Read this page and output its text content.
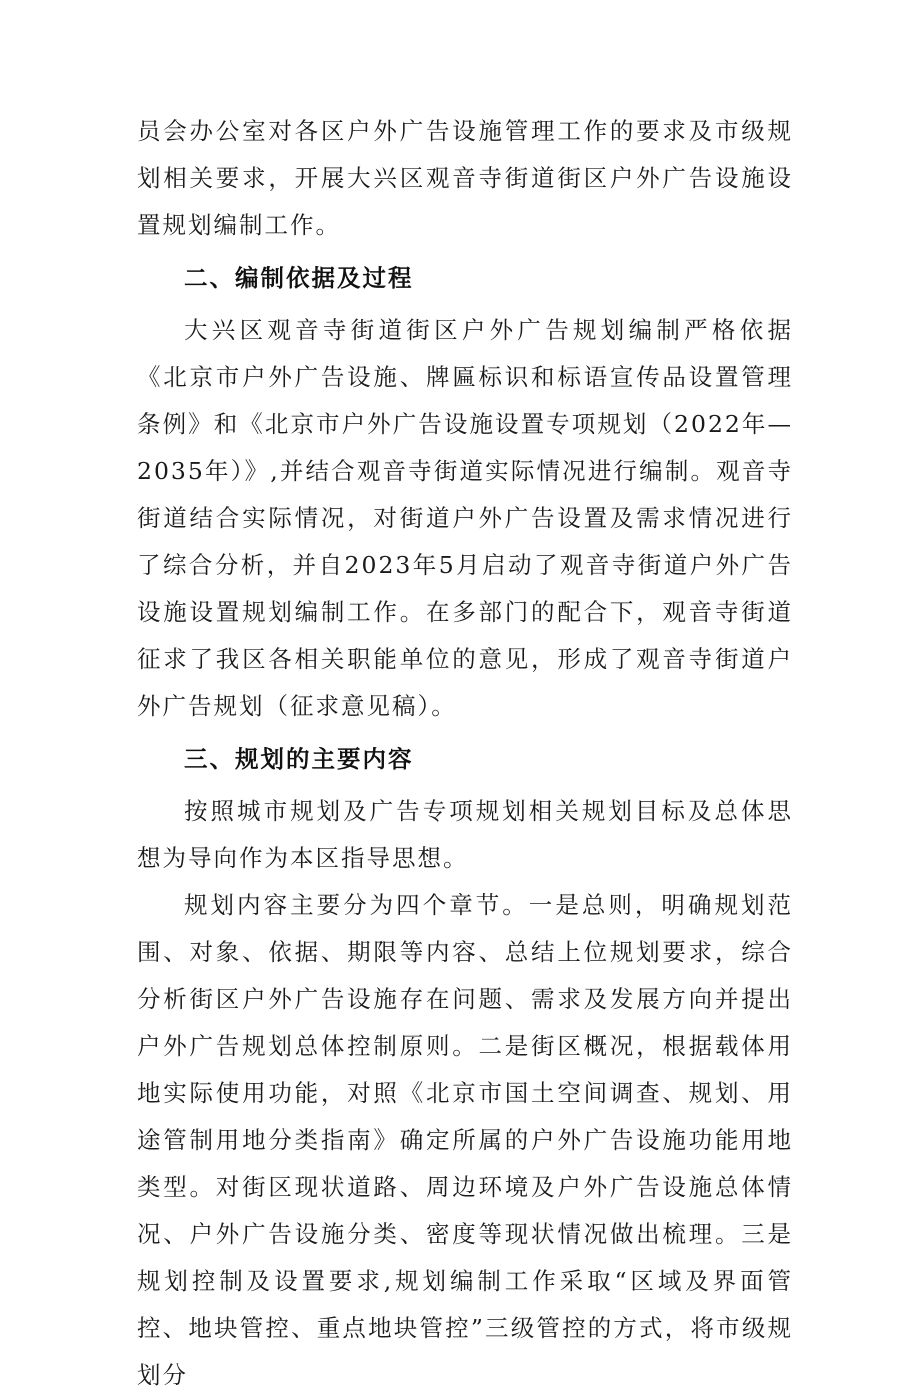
员会办公室对各区户外广告设施管理工作的要求及市级规划相关要求，开展大兴区观音寺街道街区户外广告设施设置规划编制工作。

二、编制依据及过程

大兴区观音寺街道街区户外广告规划编制严格依据《北京市户外广告设施、牌匾标识和标语宣传品设置管理条例》和《北京市户外广告设施设置专项规划（2022年—2035年）》,并结合观音寺街道实际情况进行编制。观音寺街道结合实际情况，对街道户外广告设置及需求情况进行了综合分析，并自2023年5月启动了观音寺街道户外广告设施设置规划编制工作。在多部门的配合下，观音寺街道征求了我区各相关职能单位的意见，形成了观音寺街道户外广告规划（征求意见稿）。

三、规划的主要内容

按照城市规划及广告专项规划相关规划目标及总体思想为导向作为本区指导思想。

规划内容主要分为四个章节。一是总则，明确规划范围、对象、依据、期限等内容、总结上位规划要求，综合分析街区户外广告设施存在问题、需求及发展方向并提出户外广告规划总体控制原则。二是街区概况，根据载体用地实际使用功能，对照《北京市国土空间调查、规划、用途管制用地分类指南》确定所属的户外广告设施功能用地类型。对街区现状道路、周边环境及户外广告设施总体情况、户外广告设施分类、密度等现状情况做出梳理。三是规划控制及设置要求,规划编制工作采取“区域及界面管控、地块管控、重点地块管控”三级管控的方式，将市级规划分
